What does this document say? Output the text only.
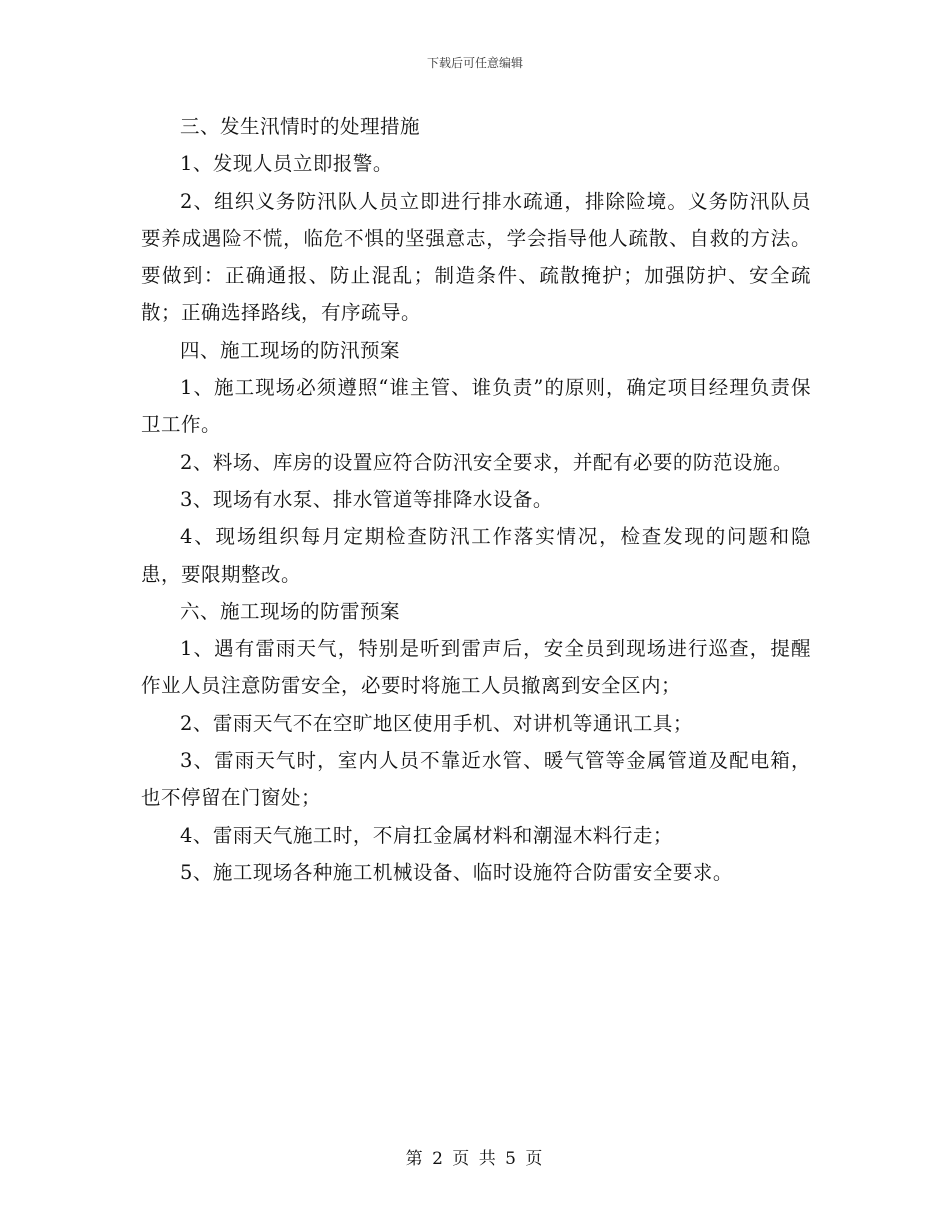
下载后可任意编辑

三、发生汛情时的处理措施

1、发现人员立即报警。

2、组织义务防汛队人员立即进行排水疏通，排除险境。义务防汛队员要养成遇险不慌，临危不惧的坚强意志，学会指导他人疏散、自救的方法。要做到：正确通报、防止混乱；制造条件、疏散掩护；加强防护、安全疏散；正确选择路线，有序疏导。

四、施工现场的防汛预案

1、施工现场必须遵照“谁主管、谁负责”的原则，确定项目经理负责保卫工作。

2、料场、库房的设置应符合防汛安全要求，并配有必要的防范设施。

3、现场有水泵、排水管道等排降水设备。

4、现场组织每月定期检查防汛工作落实情况，检查发现的问题和隐患，要限期整改。

六、施工现场的防雷预案

1、遇有雷雨天气，特别是听到雷声后，安全员到现场进行巡查，提醒作业人员注意防雷安全，必要时将施工人员撤离到安全区内；

2、雷雨天气不在空旷地区使用手机、对讲机等通讯工具；

3、雷雨天气时，室内人员不靠近水管、暖气管等金属管道及配电箱，也不停留在门窗处；

4、雷雨天气施工时，不肩扛金属材料和潮湿木料行走；

5、施工现场各种施工机械设备、临时设施符合防雷安全要求。

第 2 页 共 5 页
